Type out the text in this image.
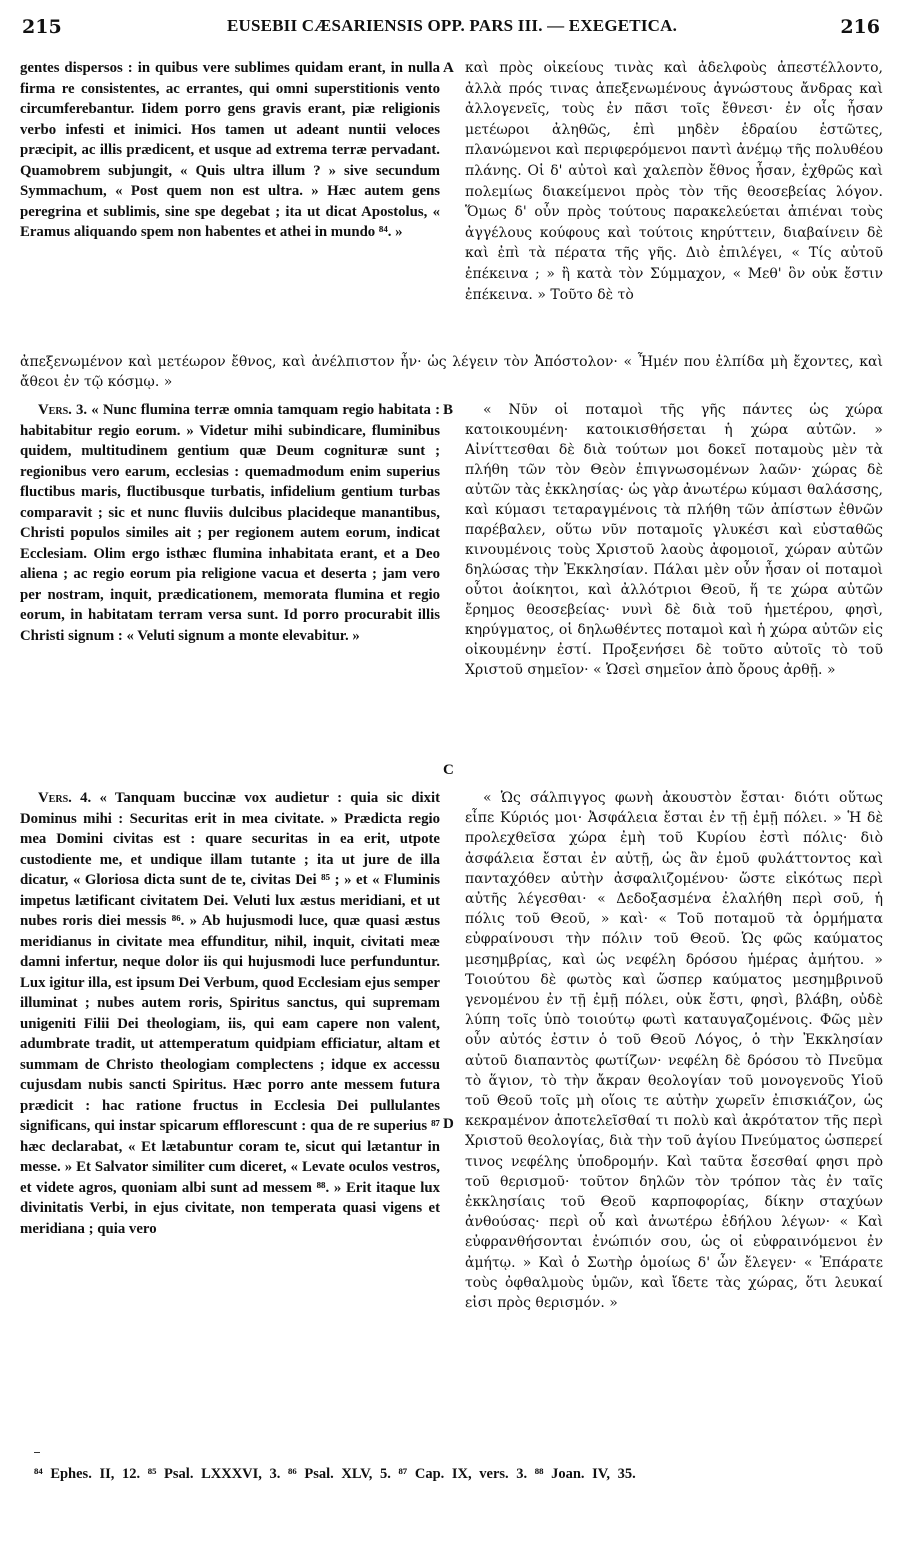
215	EUSEBII CÆSARIENSIS OPP. PARS III. — EXEGETICA.	216

gentes dispersos : in quibus vere sublimes quidam erant, in nulla firma re consistentes, ac errantes, qui omni superstitionis vento circumferebantur. Iidem porro gens gravis erant, piæ religionis verbo infesti et inimici. Hos tamen ut adeant nuntii veloces præcipit, ac illis prædicent, et usque ad extrema terræ pervadant. Quamobrem subjungit, « Quis ultra illum ? » sive secundum Symmachum, « Post quem non est ultra. » Hæc autem gens peregrina et sublimis, sine spe degebat ; ita ut dicat Apostolus, « Eramus aliquando spem non habentes et athei in mundo ⁸⁴. »

ἀπεξενωμένον καὶ μετέωρον ἔθνος, καὶ ἀνέλπιστον ἦν· ὡς λέγειν τὸν Ἀπόστολον· « Ἦμέν που ἐλπίδα μὴ ἔχοντες, καὶ ἄθεοι ἐν τῷ κόσμῳ. »

Vers. 3. « Nunc flumina terræ omnia tamquam regio habitata : habitabitur regio eorum. » Videtur mihi subindicare, fluminibus quidem, multitudinem gentium quæ Deum cognituræ sunt ; regionibus vero earum, ecclesias : quemadmodum enim superius fluctibus maris, fluctibusque turbatis, infidelium gentium turbas comparavit ; sic et nunc fluviis dulcibus placideque manantibus, Christi populos similes ait ; per regionem autem eorum, indicat Ecclesiam. Olim ergo isthæc flumina inhabitata erant, et a Deo aliena ; ac regio eorum pia religione vacua et deserta ; jam vero per nostram, inquit, prædicationem, memorata flumina et regio eorum, in habitatam terram versa sunt. Id porro procurabit illis Christi signum : « Veluti signum a monte elevabitur. »

Vers. 4. « Tanquam buccinæ vox audietur : quia sic dixit Dominus mihi : Securitas erit in mea civitate. » Prædicta regio mea Domini civitas est : quare securitas in ea erit, utpote custodiente me, et undique illam tutante ; ita ut jure de illa dicatur, « Gloriosa dicta sunt de te, civitas Dei ⁸⁵ ; » et « Fluminis impetus lætificant civitatem Dei. Veluti lux æstus meridiani, et ut nubes roris diei messis ⁸⁶. » Ab hujusmodi luce, quæ quasi æstus meridianus in civitate mea effunditur, nihil, inquit, civitati meæ damni infertur, neque dolor iis qui hujusmodi luce perfunduntur. Lux igitur illa, est ipsum Dei Verbum, quod Ecclesiam ejus semper illuminat ; nubes autem roris, Spiritus sanctus, qui supremam unigeniti Filii Dei theologiam, iis, qui eam capere non valent, adumbrate tradit, ut attemperatum quidpiam efficiatur, altam et summam de Christo theologiam complectens ; idque ex accessu cujusdam nubis sancti Spiritus. Hæc porro ante messem futura prædicit : hac ratione fructus in Ecclesia Dei pullulantes significans, qui instar spicarum efflorescunt : qua de re superius ⁸⁷ hæc declarabat, « Et lætabuntur coram te, sicut qui lætantur in messe. » Et Salvator similiter cum diceret, « Levate oculos vestros, et videte agros, quoniam albi sunt ad messem ⁸⁸. » Erit itaque lux divinitatis Verbi, in ejus civitate, non temperata quasi vigens et meridiana ; quia vero

καὶ πρὸς οἰκείους τινὰς καὶ ἀδελφοὺς ἀπεστέλλοντο, ἀλλὰ πρός τινας ἀπεξενωμένους ἀγνώστους ἄνδρας καὶ ἀλλογενεῖς, τοὺς ἐν πᾶσι τοῖς ἔθνεσι· ἐν οἷς ἦσαν μετέωροι ἀληθῶς, ἐπὶ μηδὲν ἑδραίου ἑστῶτες, πλανώμενοι καὶ περιφερόμενοι παντὶ ἀνέμῳ τῆς πολυθέου πλάνης. Οἱ δ' αὐτοὶ καὶ χαλεπὸν ἔθνος ἦσαν, ἐχθρῶς καὶ πολεμίως διακείμενοι πρὸς τὸν τῆς θεοσεβείας λόγον. Ὅμως δ' οὖν πρὸς τούτους παρακελεύεται ἀπιέναι τοὺς ἀγγέλους κούφους καὶ τούτοις κηρύττειν, διαβαίνειν δὲ καὶ ἐπὶ τὰ πέρατα τῆς γῆς. Διὸ ἐπιλέγει, « Τίς αὐτοῦ ἐπέκεινα ; » ἢ κατὰ τὸν Σύμμαχον, « Μεθ' ὃν οὐκ ἔστιν ἐπέκεινα. » Τοῦτο δὲ τὸ

« Νῦν οἱ ποταμοὶ τῆς γῆς πάντες ὡς χώρα κατοικουμένη· κατοικισθήσεται ἡ χώρα αὐτῶν. » Αἰνίττεσθαι δὲ διὰ τούτων μοι δοκεῖ ποταμοὺς μὲν τὰ πλήθη τῶν τὸν Θεὸν ἐπιγνωσομένων λαῶν· χώρας δὲ αὐτῶν τὰς ἐκκλησίας· ὡς γὰρ ἀνωτέρω κύμασι θαλάσσης, καὶ κύμασι τεταραγμένοις τὰ πλήθη τῶν ἀπίστων ἐθνῶν παρέβαλεν, οὕτω νῦν ποταμοῖς γλυκέσι καὶ εὐσταθῶς κινουμένοις τοὺς Χριστοῦ λαοὺς ἀφομοιοῖ, χώραν αὐτῶν δηλώσας τὴν Ἐκκλησίαν. Πάλαι μὲν οὖν ἦσαν οἱ ποταμοὶ οὗτοι ἀοίκητοι, καὶ ἀλλότριοι Θεοῦ, ἥ τε χώρα αὐτῶν ἔρημος θεοσεβείας· νυνὶ δὲ διὰ τοῦ ἡμετέρου, φησὶ, κηρύγματος, οἱ δηλωθέντες ποταμοὶ καὶ ἡ χώρα αὐτῶν εἰς οἰκουμένην ἐστί. Προξενήσει δὲ τοῦτο αὐτοῖς τὸ τοῦ Χριστοῦ σημεῖον· « Ὡσεὶ σημεῖον ἀπὸ ὄρους ἀρθῇ. »

« Ὡς σάλπιγγος φωνὴ ἀκουστὸν ἔσται· διότι οὕτως εἶπε Κύριός μοι· Ἀσφάλεια ἔσται ἐν τῇ ἐμῇ πόλει. » Ἡ δὲ προλεχθεῖσα χώρα ἐμὴ τοῦ Κυρίου ἐστὶ πόλις· διὸ ἀσφάλεια ἔσται ἐν αὐτῇ, ὡς ἂν ἐμοῦ φυλάττοντος καὶ πανταχόθεν αὐτὴν ἀσφαλιζομένου· ὥστε εἰκότως περὶ αὐτῆς λέγεσθαι· « Δεδοξασμένα ἐλαλήθη περὶ σοῦ, ἡ πόλις τοῦ Θεοῦ, » καὶ· « Τοῦ ποταμοῦ τὰ ὁρμήματα εὐφραίνουσι τὴν πόλιν τοῦ Θεοῦ. Ὡς φῶς καύματος μεσημβρίας, καὶ ὡς νεφέλη δρόσου ἡμέρας ἀμήτου. » Τοιούτου δὲ φωτὸς καὶ ὥσπερ καύματος μεσημβρινοῦ γενομένου ἐν τῇ ἐμῇ πόλει, οὐκ ἔστι, φησὶ, βλάβη, οὐδὲ λύπη τοῖς ὑπὸ τοιούτῳ φωτὶ καταυγαζομένοις. Φῶς μὲν οὖν αὐτός ἐστιν ὁ τοῦ Θεοῦ Λόγος, ὁ τὴν Ἐκκλησίαν αὐτοῦ διαπαντὸς φωτίζων· νεφέλη δὲ δρόσου τὸ Πνεῦμα τὸ ἅγιον, τὸ τὴν ἄκραν θεολογίαν τοῦ μονογενοῦς Υἱοῦ τοῦ Θεοῦ τοῖς μὴ οἵοις τε αὐτὴν χωρεῖν ἐπισκιάζον, ὡς κεκραμένον ἀποτελεῖσθαί τι πολὺ καὶ ἀκρότατον τῆς περὶ Χριστοῦ θεολογίας, διὰ τὴν τοῦ ἁγίου Πνεύματος ὡσπερεί τινος νεφέλης ὑποδρομήν. Καὶ ταῦτα ἔσεσθαί φησι πρὸ τοῦ θερισμοῦ· τοῦτον δηλῶν τὸν τρόπον τὰς ἐν ταῖς ἐκκλησίαις τοῦ Θεοῦ καρποφορίας, δίκην σταχύων ἀνθούσας· περὶ οὗ καὶ ἀνωτέρω ἐδήλου λέγων· « Καὶ εὐφρανθήσονται ἐνώπιόν σου, ὡς οἱ εὐφραινόμενοι ἐν ἀμήτῳ. » Καὶ ὁ Σωτὴρ ὁμοίως δ' ὧν ἔλεγεν· « Ἐπάρατε τοὺς ὀφθαλμοὺς ὑμῶν, καὶ ἴδετε τὰς χώρας, ὅτι λευκαί εἰσι πρὸς θερισμόν. »

A
B
C
D
⁸⁴ Ephes. II, 12. ⁸⁵ Psal. LXXXVI, 3. ⁸⁶ Psal. XLV, 5. ⁸⁷ Cap. IX, vers. 3. ⁸⁸ Joan. IV, 35.
